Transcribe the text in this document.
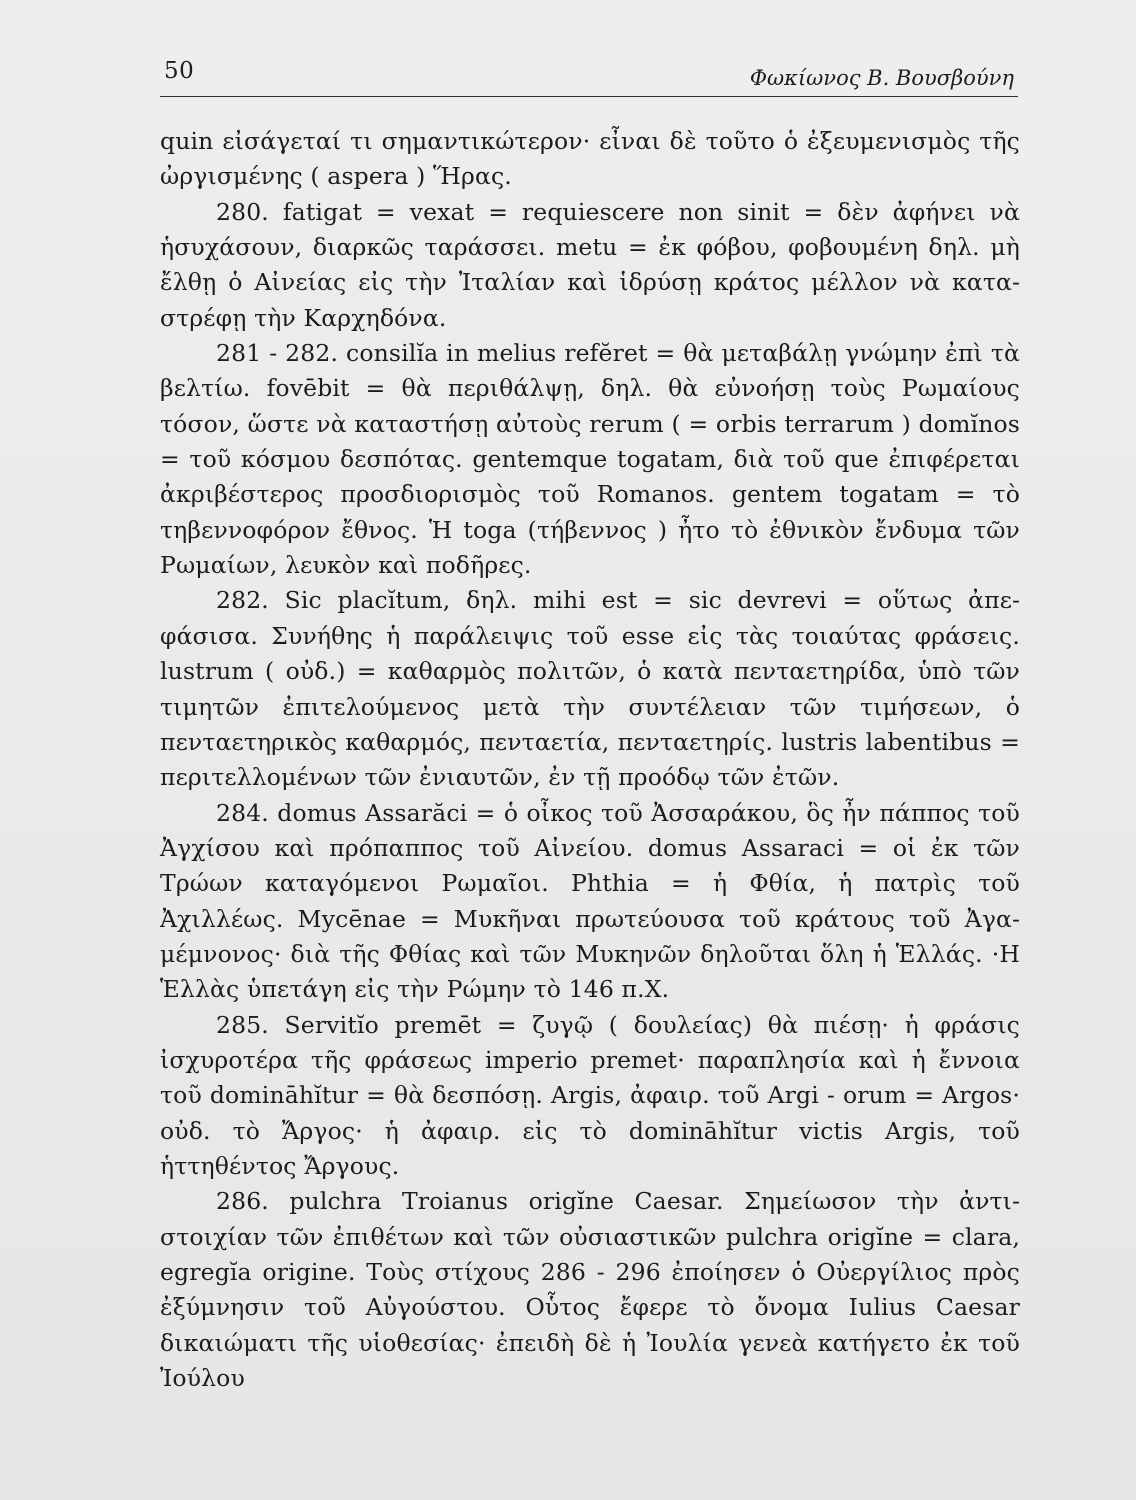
50	Φωκίωνος Β. Βουσβούνη

quin εἰσάγεταί τι σημαντικώτερον· εἶναι δὲ τοῦτο ὁ ἐξευμενισμὸς τῆς ὠργισμένης ( aspera ) Ἥρας.

280. fatigat = vexat = requiescere non sinit = δὲν ἀφήνει νὰ ἡσυχάσουν, διαρκῶς ταράσσει. metu = ἐκ φόβου, φοβουμένη δηλ. μὴ ἔλθῃ ὁ Αἰνείας εἰς τὴν Ἰταλίαν καὶ ἱδρύσῃ κράτος μέλλον νὰ καταστρέφῃ τὴν Καρχηδόνα.

281 - 282. consilĭa in melius refĕret = θὰ μεταβάλῃ γνώμην ἐπὶ τὰ βελτίω. fovēbit = θὰ περιθάλψῃ, δηλ. θὰ εὐνοήσῃ τοὺς Ρωμαίους τόσον, ὥστε νὰ καταστήσῃ αὐτοὺς rerum ( = orbis terrarum ) domĭnos = τοῦ κόσμου δεσπότας. gentemque togatam, διὰ τοῦ que ἐπιφέρεται ἀκριβέστερος προσδιορισμὸς τοῦ Romanos. gentem togatam = τὸ τηβεννοφόρον ἔθνος. Ἡ toga (τήβεννος ) ἦτο τὸ ἐθνικὸν ἔνδυμα τῶν Ρωμαίων, λευκὸν καὶ ποδῆρες.

282. Sic placĭtum, δηλ. mihi est = sic devrevi = οὕτως ἀπεφάσισα. Συνήθης ἡ παράλειψις τοῦ esse εἰς τὰς τοιαύτας φράσεις. lustrum ( οὐδ.) = καθαρμὸς πολιτῶν, ὁ κατὰ πενταετηρίδα, ὑπὸ τῶν τιμητῶν ἐπιτελούμενος μετὰ τὴν συντέλειαν τῶν τιμήσεων, ὁ πενταετηρικὸς καθαρμός, πενταετία, πενταετηρίς. lustris labentibus = περιτελλομένων τῶν ἐνιαυτῶν, ἐν τῇ προόδῳ τῶν ἐτῶν.

284. domus Assarăci = ὁ οἶκος τοῦ Ἀσσαράκου, ὃς ἦν πάππος τοῦ Ἀγχίσου καὶ πρόπαππος τοῦ Αἰνείου. domus Assaraci = οἱ ἐκ τῶν Τρώων καταγόμενοι Ρωμαῖοι. Phthia = ἡ Φθία, ἡ πατρὶς τοῦ Ἀχιλλέως. Mycēnae = Μυκῆναι πρωτεύουσα τοῦ κράτους τοῦ Ἀγαμέμνονος· διὰ τῆς Φθίας καὶ τῶν Μυκηνῶν δηλοῦται ὅλη ἡ Ἑλλάς. ·Η Ἑλλὰς ὑπετάγη εἰς τὴν Ρώμην τὸ 146 π.Χ.

285. Servitĭo premēt = ζυγῷ ( δουλείας) θὰ πιέσῃ· ἡ φράσις ἰσχυροτέρα τῆς φράσεως imperio premet· παραπλησία καὶ ἡ ἔννοια τοῦ domināhĭtur = θὰ δεσπόσῃ. Argis, ἀφαιρ. τοῦ Argi - orum = Argos· οὐδ. τὸ Ἄργος· ἡ ἀφαιρ. εἰς τὸ domināhĭtur victis Argis, τοῦ ἡττηθέντος Ἄργους.

286. pulchra Troianus origĭne Caesar. Σημείωσον τὴν ἀντιστοιχίαν τῶν ἐπιθέτων καὶ τῶν οὐσιαστικῶν pulchra origĭne = clara, egregĭa origine. Τοὺς στίχους 286 - 296 ἐποίησεν ὁ Οὐεργίλιος πρὸς ἐξύμνησιν τοῦ Αὐγούστου. Οὗτος ἔφερε τὸ ὄνομα Iulius Caesar δικαιώματι τῆς υἱοθεσίας· ἐπειδὴ δὲ ἡ Ἰουλία γενεὰ κατήγετο ἐκ τοῦ Ἰούλου
